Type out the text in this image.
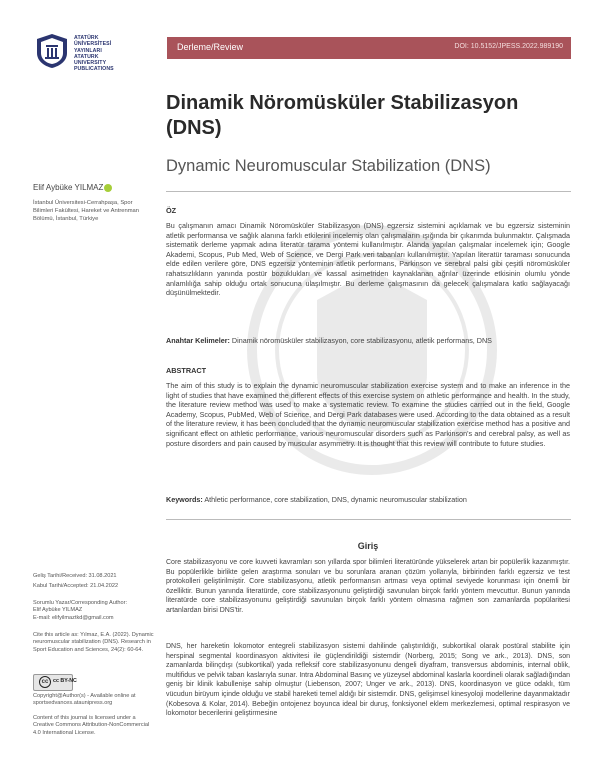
ATATÜRK
ÜNİVERSİTESİ
YAYINLARI
ATATURK
UNIVERSITY
PUBLICATIONS
Derleme/Review	DOI: 10.5152/JPESS.2022.989190
Dinamik Nöromüsküler Stabilizasyon (DNS)
Dynamic Neuromuscular Stabilization (DNS)
Elif Aybüke YILMAZ
İstanbul Üniversitesi-Cerrahpaşa, Spor Bilimleri Fakültesi, Hareket ve Antrenman Bölümü, İstanbul, Türkiye
ÖZ
Bu çalışmanın amacı Dinamik Nöromüsküler Stabilizasyon (DNS) egzersiz sistemini açıklamak ve bu egzersiz sisteminin atletik performansa ve sağlık alanına farklı etkilerini incelemiş olan çalışmaların ışığında bir çıkarımda bulunmaktır. Çalışmada sistematik derleme yapmak adına literatür tarama yöntemi kullanılmıştır. Alanda yapılan çalışmalar incelemek için; Google Akademi, Scopus, Pub Med, Web of Science, ve Dergi Park veri tabanları kullanılmıştır. Yapılan literatür taraması sonucunda elde edilen verilere göre, DNS egzersiz yönteminin atletik performans, Parkinson ve serebral palsi gibi çeşitli nöromüsküler rahatsızlıkların yanında postür bozuklukları ve kassal asimetriden kaynaklanan ağrılar üzerinde etkisinin olumlu yönde anlamlılığa sahip olduğu ortak sonucuna ulaşılmıştır. Bu derleme çalışmasının da gelecek çalışmalara katkı sağlayacağı düşünülmektedir.
Anahtar Kelimeler: Dinamik nöromüsküler stabilizasyon, core stabilizasyonu, atletik performans, DNS
ABSTRACT
The aim of this study is to explain the dynamic neuromuscular stabilization exercise system and to make an inference in the light of studies that have examined the different effects of this exercise system on athletic performance and health. In the study, the literature review method was used to make a systematic review. To examine the studies carried out in the field, Google Academy, Scopus, PubMed, Web of Science, and Dergi Park databases were used. According to the data obtained as a result of the literature review, it has been concluded that the dynamic neuromuscular stabilization exercise method has a positive and significant effect on athletic performance, various neuromuscular disorders such as Parkinson's and cerebral palsy, as well as posture disorders and pain caused by muscular asymmetry. It is thought that this review will contribute to future studies.
Keywords: Athletic performance, core stabilization, DNS, dynamic neuromuscular stabilization
Geliş Tarihi/Received: 31.08.2021
Kabul Tarihi/Accepted: 21.04.2022
Sorumlu Yazar/Corresponding Author:
Elif Aybüke YILMAZ
E-mail: elifyilmaztkd@gmail.com
Cite this article as: Yılmaz, E.A. (2022). Dynamic neuromuscular stabilization (DNS). Research in Sport Education and Sciences, 24(2): 60-64.
cc cc BY-NC
Copyright@Author(s) - Available online at sportsedvances.ataunipress.org
Content of this journal is licensed under a Creative Commons Attribution-NonCommercial 4.0 International License.
Giriş
Core stabilizasyonu ve core kuvveti kavramları son yıllarda spor bilimleri literatüründe yükselerek artan bir popülerlik kazanmıştır. Bu popülerlikle birlikte gelen araştırma sonuları ve bu sorunlara aranan çözüm yollarıyla, birbirinden farklı egzersiz ve test protokolleri geliştirilmiştir. Core stabilizasyonu, atletik performansın artması veya optimal seviyede korunması için önemli bir özelliktir. Bunun yanında literatürde, core stabilizasyonunu geliştirdiği savunulan birçok farklı yöntem mevcuttur. Bunun yanında literatürde core stabilizasyonunu geliştirdiği savunulan birçok farklı yöntem olmasına rağmen son zamanlarda popülaritesi artanlardan birisi DNS'tir.
DNS, her hareketin lokomotor entegreli stabilizasyon sistemi dahilinde çalıştırıldığı, subkortikal olarak postüral stabilite için herspinal segmental koordinasyon aktivitesi ile güçlendirildiği sistemdir (Norberg, 2015; Song ve ark., 2013). DNS, son zamanlarda bilinçdışı (subkortikal) yada refleksif core stabilizasyonunu dengeli diyafram, transversus abdominis, internal oblik, multifidus ve pelvik taban kaslarıyla sunar. Intra Abdominal Basınç ve yüzeysel abdominal kaslarla koordineli olarak sağladığından geniş bir klinik kabullenişe sahip olmuştur (Liebenson, 2007; Unger ve ark., 2013). DNS, koordinasyon ve güce odaklı, tüm vücudun birüyum içinde olduğu ve stabil hareketi temel aldığı bir sistemdir. DNS, gelişimsel kinesyoloji modellerine dayanmaktadır (Kobesova & Kolar, 2014). Bebeğin ontojenez boyunca ideal bir duruş, fonksiyonel eklem merkezlemesi, optimal respirasyon ve lokomotor becerilerini geliştirmesine
